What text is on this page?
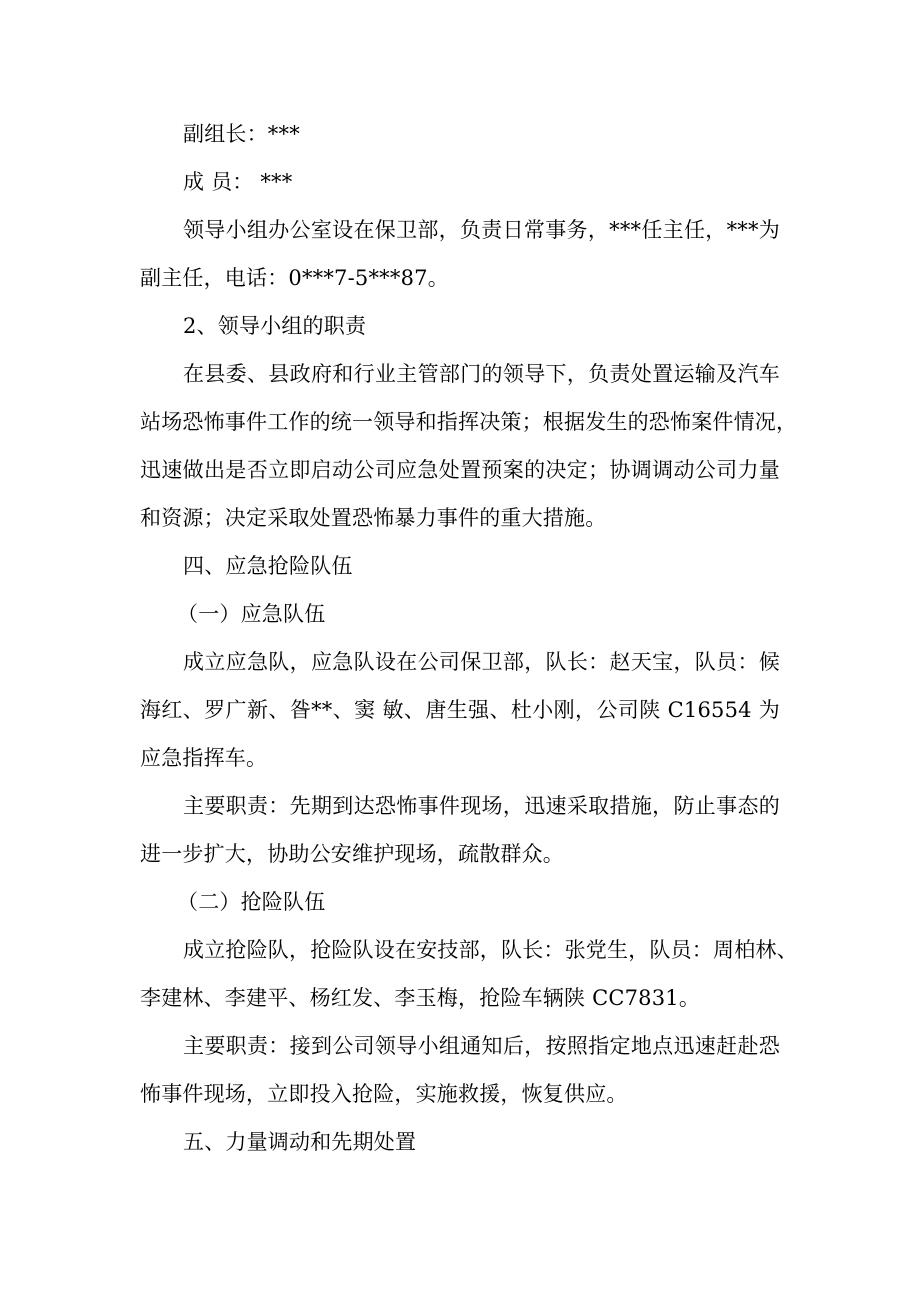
副组长：***
成 员： ***
领导小组办公室设在保卫部，负责日常事务，***任主任，***为
副主任，电话：0***7-5***87。
2、领导小组的职责
在县委、县政府和行业主管部门的领导下，负责处置运输及汽车
站场恐怖事件工作的统一领导和指挥决策；根据发生的恐怖案件情况，
迅速做出是否立即启动公司应急处置预案的决定；协调调动公司力量
和资源；决定采取处置恐怖暴力事件的重大措施。
四、应急抢险队伍
（一）应急队伍
成立应急队，应急队设在公司保卫部，队长：赵天宝，队员：候
海红、罗广新、昝**、窦 敏、唐生强、杜小刚，公司陕 C16554 为
应急指挥车。
主要职责：先期到达恐怖事件现场，迅速采取措施，防止事态的
进一步扩大，协助公安维护现场，疏散群众。
（二）抢险队伍
成立抢险队，抢险队设在安技部，队长：张党生，队员：周柏林、
李建林、李建平、杨红发、李玉梅，抢险车辆陕 CC7831。
主要职责：接到公司领导小组通知后，按照指定地点迅速赶赴恐
怖事件现场，立即投入抢险，实施救援，恢复供应。
五、力量调动和先期处置
